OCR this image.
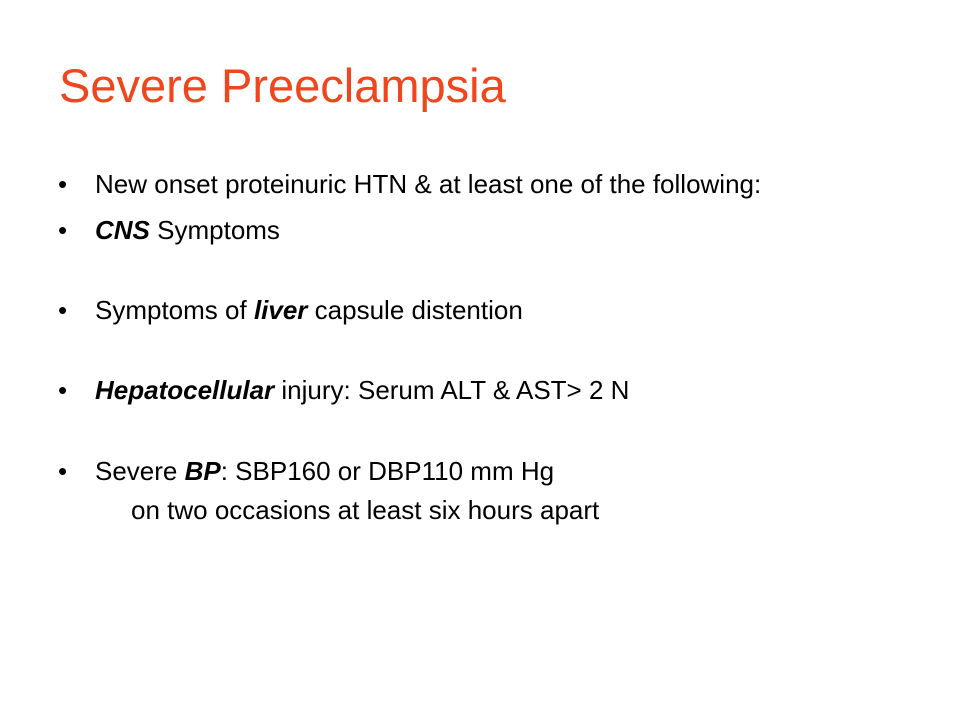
Severe Preeclampsia
• New onset proteinuric HTN & at least one of the following:
• CNS Symptoms
• Symptoms of liver capsule distention
• Hepatocellular injury: Serum ALT & AST> 2 N
• Severe BP: SBP160 or DBP110 mm Hg
on two occasions at least six hours apart
